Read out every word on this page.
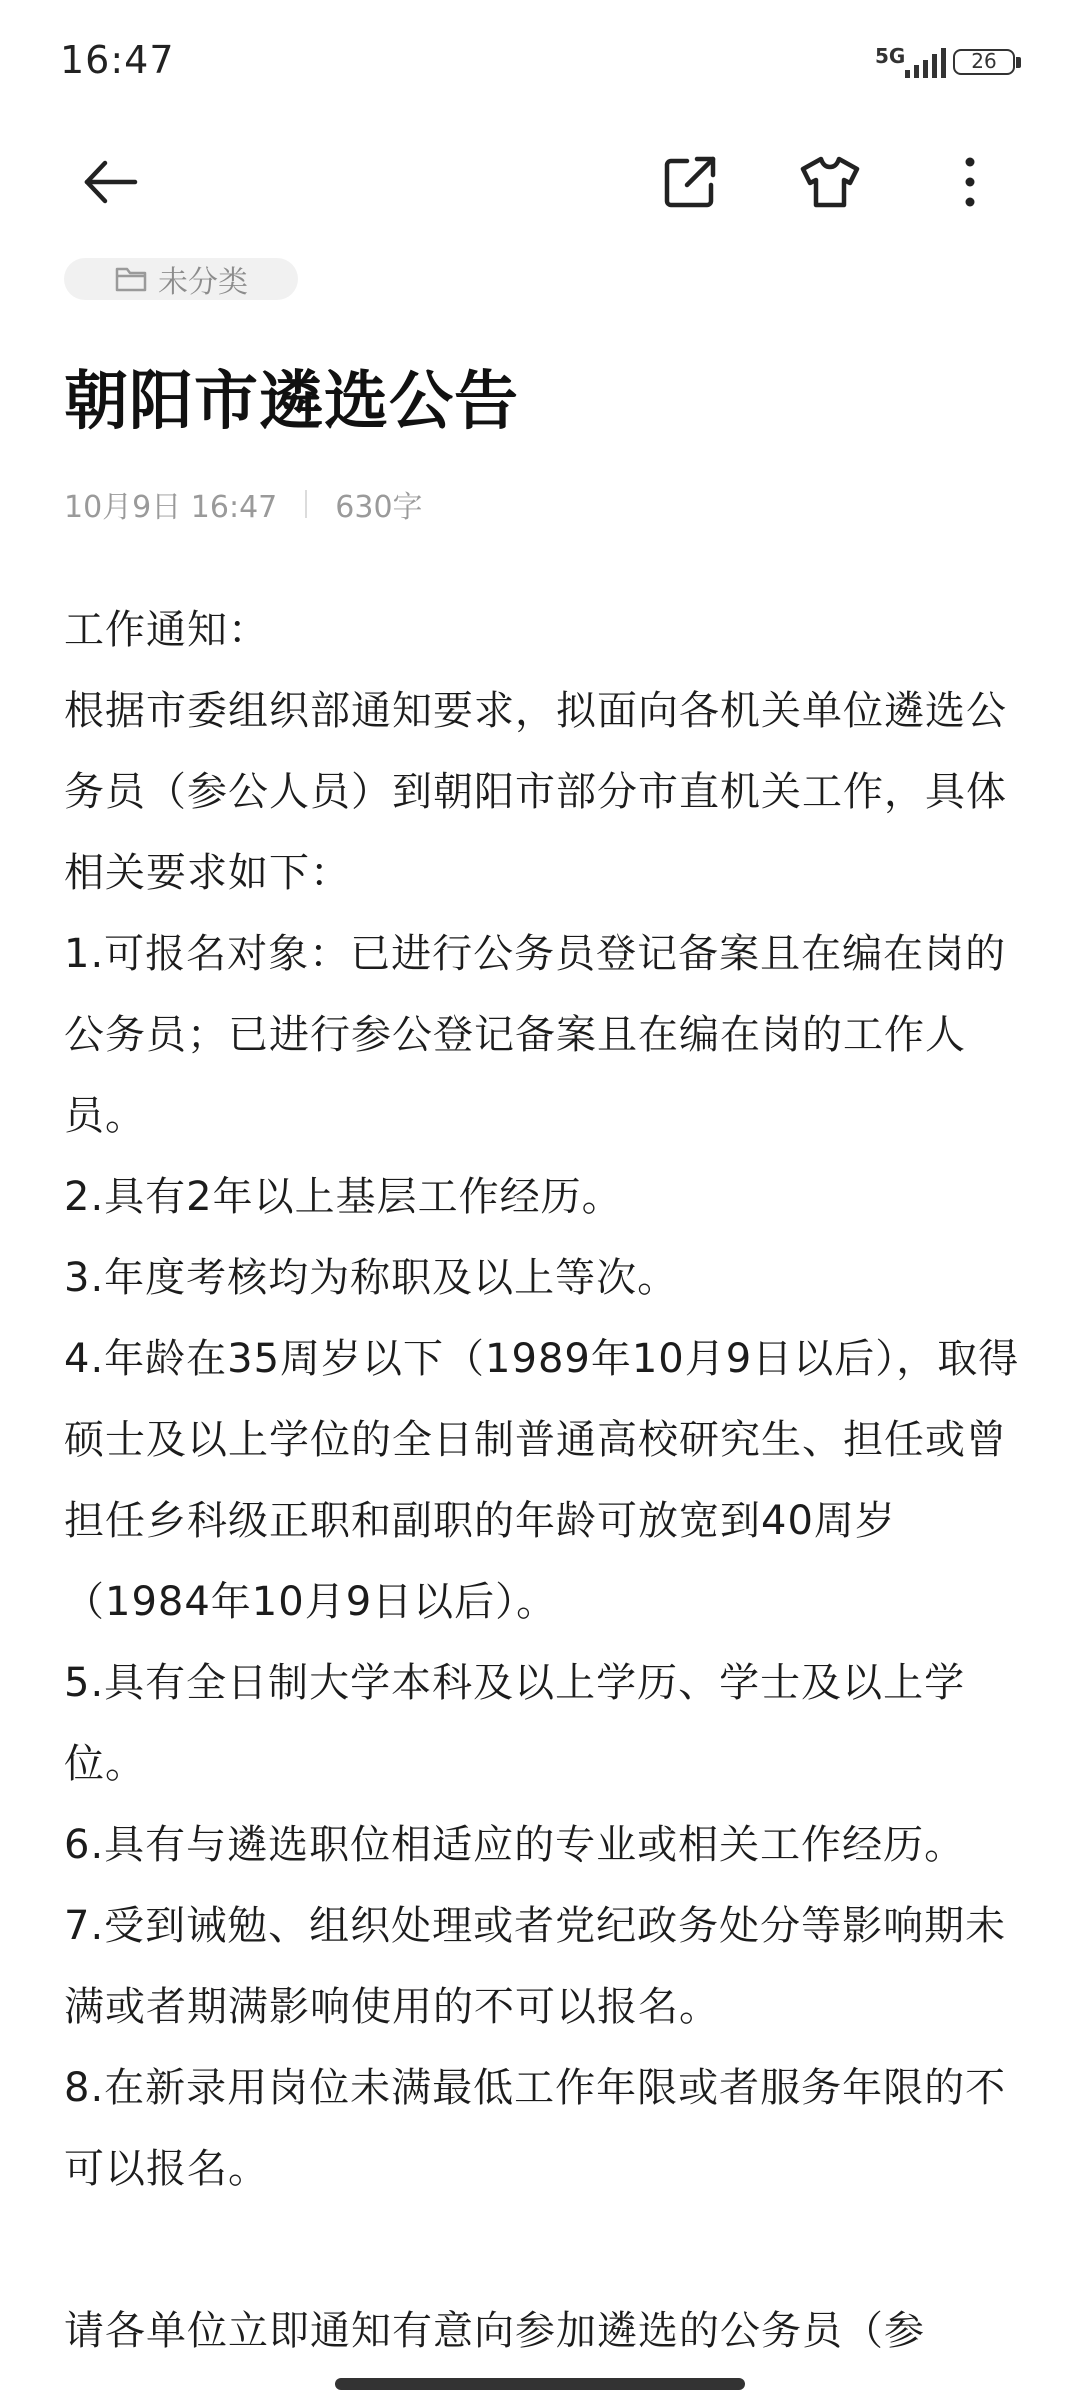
16:47	5G	26
未分类
朝阳市遴选公告
10月9日 16:47 630字

工作通知：

根据市委组织部通知要求，拟面向各机关单位遴选公务员（参公人员）到朝阳市部分市直机关工作，具体相关要求如下：

1.可报名对象：已进行公务员登记备案且在编在岗的公务员；已进行参公登记备案且在编在岗的工作人员。

2.具有2年以上基层工作经历。

3.年度考核均为称职及以上等次。

4.年龄在35周岁以下（1989年10月9日以后），取得硕士及以上学位的全日制普通高校研究生、担任或曾担任乡科级正职和副职的年龄可放宽到40周岁（1984年10月9日以后）。

5.具有全日制大学本科及以上学历、学士及以上学位。

6.具有与遴选职位相适应的专业或相关工作经历。

7.受到诫勉、组织处理或者党纪政务处分等影响期未满或者期满影响使用的不可以报名。

8.在新录用岗位未满最低工作年限或者服务年限的不可以报名。

请各单位立即通知有意向参加遴选的公务员（参
